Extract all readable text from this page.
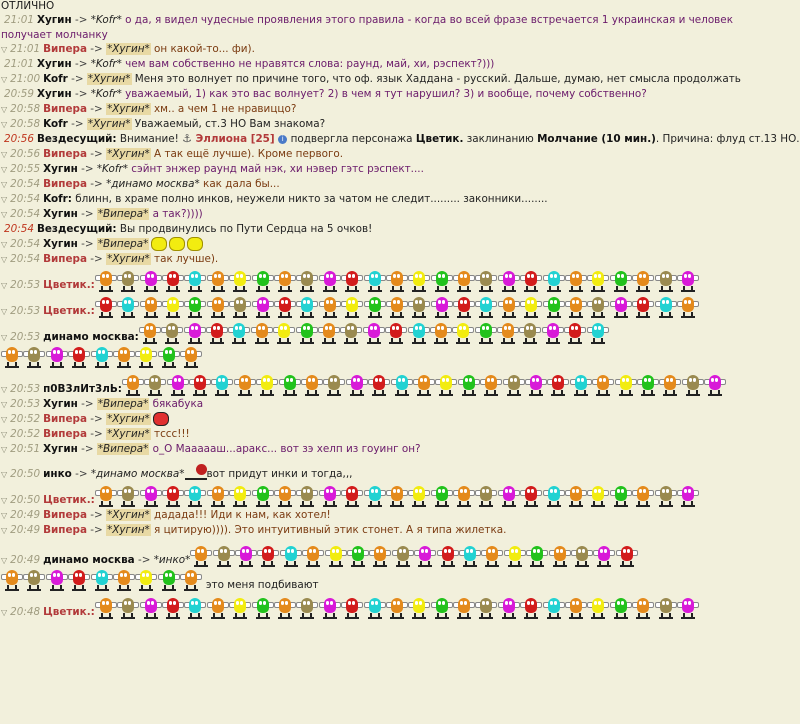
ОТЛИЧНО
21:01 Хугин -> *Kofr* о да, я видел чудесные проявления этого правила - когда во всей фразе встречается 1 украинская и человек получает молчанку
▽ 21:01 Випера -> *Хугин* он какой-то... фи).
21:01 Хугин -> *Kofr* чем вам собственно не нравятся слова: раунд, май, хи, рэспект?)))
▽ 21:00 Kofr -> *Хугин* Меня это волнует по причине того, что оф. язык Хаддана - русский. Дальше, думаю, нет смысла продолжать
20:59 Хугин -> *Kofr* уважаемый, 1) как это вас волнует? 2) в чем я тут нарушил? 3) и вообще, почему собственно?
▽ 20:58 Випера -> *Хугин* хм.. а чем 1 не нравиццо?
▽ 20:58 Kofr -> *Хугин* Уважаемый, ст.3 НО Вам знакома?
20:56 Вездесущий: Внимание! ⚓ Эллиона [25] i подвергла персонажа Цветик. заклинанию Молчание (10 мин.). Причина: флуд ст.13 НО.
▽ 20:56 Випера -> *Хугин* А так ещё лучше). Кроме первого.
▽ 20:55 Хугин -> *Kofr* сэйнт энжер раунд май нэк, хи нэвер гэтс рэспект....
▽ 20:54 Випера -> *динамо москва* как дала бы...
▽ 20:54 Kofr: блинн, в храме полно инков, неужели никто за чатом не следит......... законники........
▽ 20:54 Хугин -> *Випера* а так?))))
20:54 Вездесущий: Вы продвинулись по Пути Сердца на 5 очков!
▽ 20:54 Хугин -> *Випера*
▽ 20:54 Випера -> *Хугин* так лучше).
▽ 20:53 Цветик.:
▽ 20:53 Цветик.:
▽ 20:53 динамо москва:
▽ 20:53 п0В3лИт3лЬ:
▽ 20:53 Хугин -> *Випера* бякабука
▽ 20:52 Випера -> *Хугин*
▽ 20:52 Випера -> *Хугин* тссс!!!
▽ 20:51 Хугин -> *Випера* о_О Маааааш...аракс... вот зэ хелп из гоуинг он?
▽ 20:50 инко -> *динамо москва* вот придут инки и тогда,,,
▽ 20:50 Цветик.:
▽ 20:49 Випера -> *Хугин* дадада!!! Иди к нам, как хотел!
▽ 20:49 Випера -> *Хугин* я цитирую)))). Это интуитивный этик стонет. А я типа жилетка.
▽ 20:49 динамо москва -> *инко*
это меня подбивают
▽ 20:48 Цветик.:
